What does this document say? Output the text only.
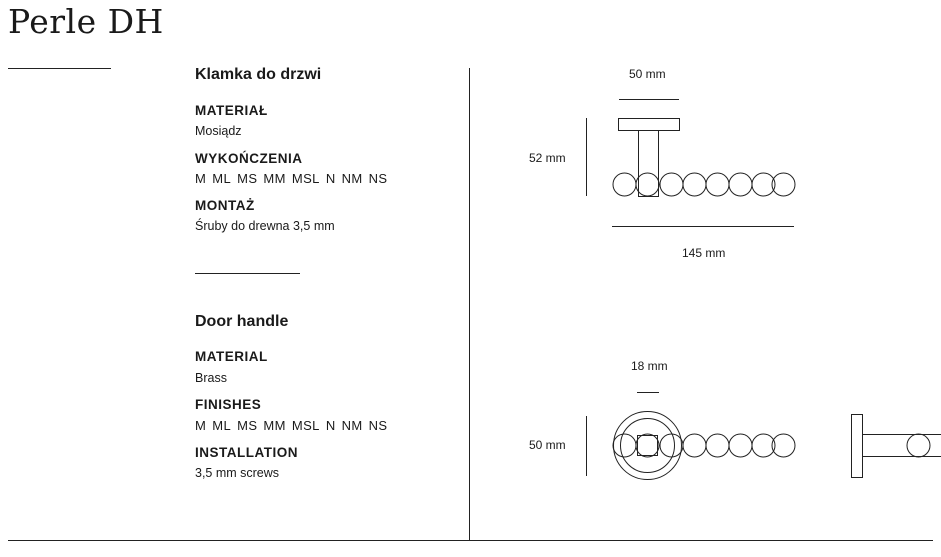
Perle DH
Klamka do drzwi
MATERIAŁ
Mosiądz
WYKOŃCZENIA
M ML MS MM MSL N NM NS
MONTAŻ
Śruby do drewna 3,5 mm
Door handle
MATERIAL
Brass
FINISHES
M ML MS MM MSL N NM NS
INSTALLATION
3,5 mm screws
50 mm
52 mm
145 mm
18 mm
50 mm
